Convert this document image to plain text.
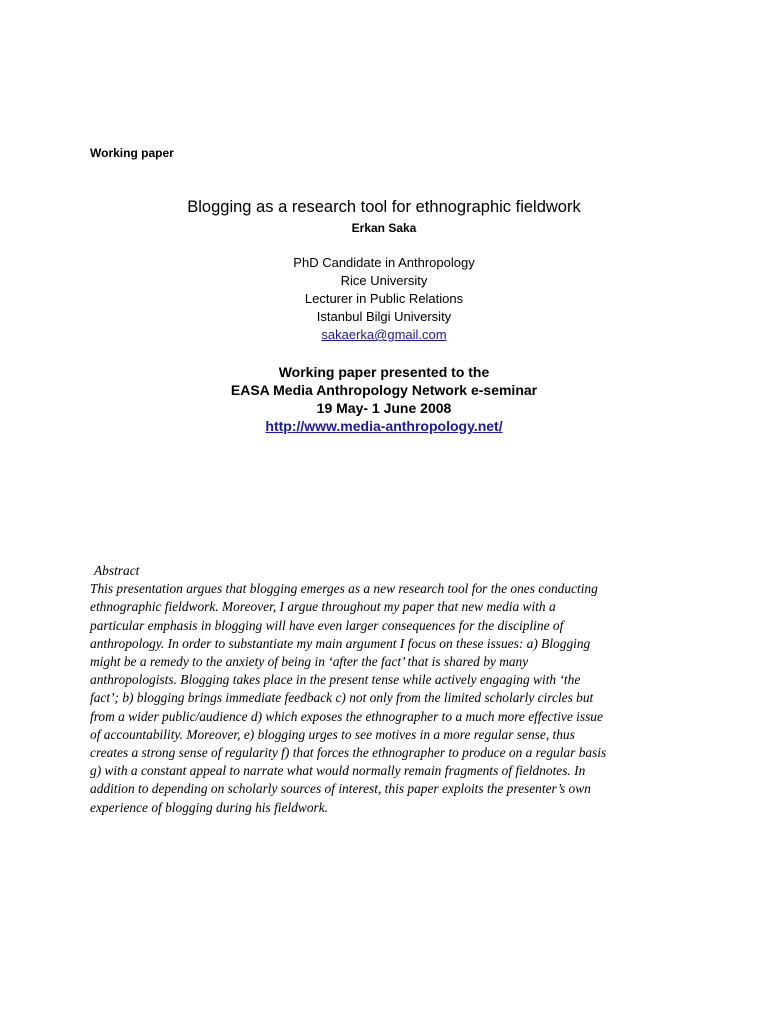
Working paper
Blogging as a research tool for ethnographic fieldwork
Erkan Saka
PhD Candidate in Anthropology
Rice University
Lecturer in Public Relations
Istanbul Bilgi University
sakaerka@gmail.com
Working paper presented to the
EASA Media Anthropology Network e-seminar
19 May- 1 June 2008
http://www.media-anthropology.net/
Abstract
This presentation argues that blogging emerges as a new research tool for the ones conducting
ethnographic fieldwork. Moreover, I argue throughout my paper that new media with a
particular emphasis in blogging will have even larger consequences for the discipline of
anthropology. In order to substantiate my main argument I focus on these issues: a) Blogging
might be a remedy to the anxiety of being in ‘after the fact’ that is shared by many
anthropologists. Blogging takes place in the present tense while actively engaging with ‘the
fact’; b) blogging brings immediate feedback c) not only from the limited scholarly circles but
from a wider public/audience d) which exposes the ethnographer to a much more effective issue
of accountability. Moreover, e) blogging urges to see motives in a more regular sense, thus
creates a strong sense of regularity f) that forces the ethnographer to produce on a regular basis
g) with a constant appeal to narrate what would normally remain fragments of fieldnotes. In
addition to depending on scholarly sources of interest, this paper exploits the presenter’s own
experience of blogging during his fieldwork.
